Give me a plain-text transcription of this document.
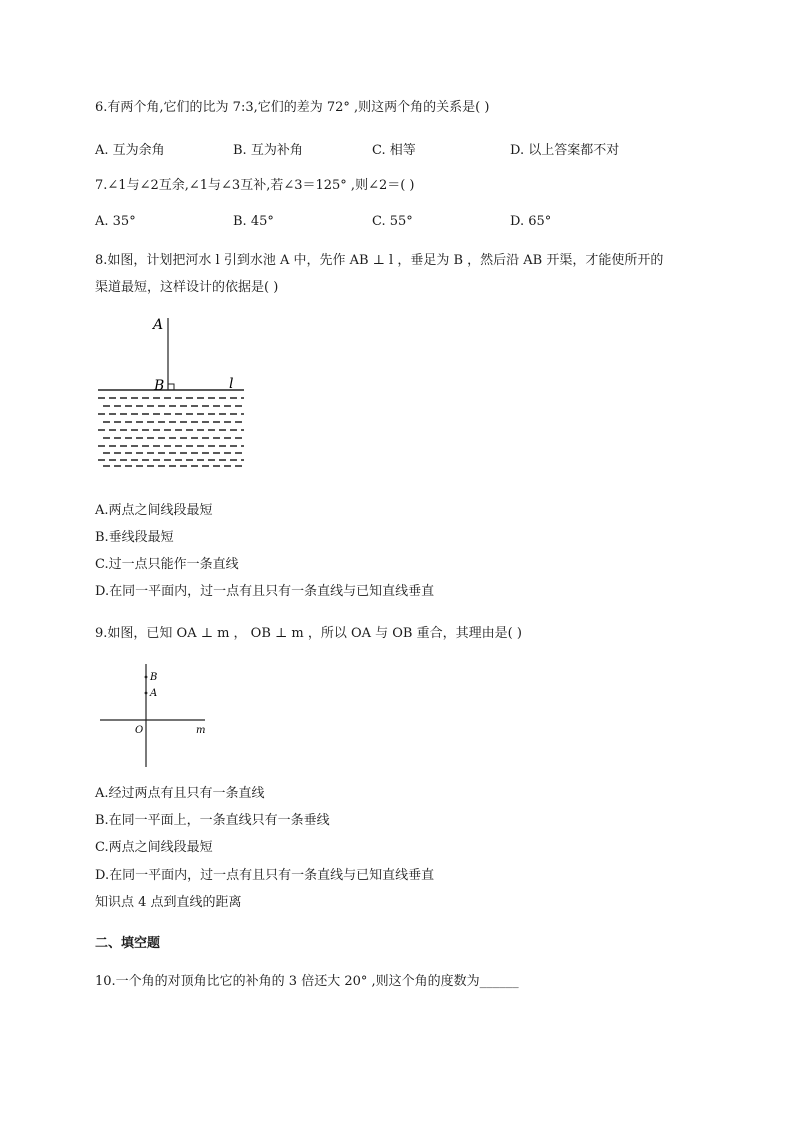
6.有两个角,它们的比为 7:3,它们的差为 72° ,则这两个角的关系是( )
A. 互为余角	B. 互为补角	C. 相等	D. 以上答案都不对
7.∠1与∠2互余,∠1与∠3互补,若∠3＝125° ,则∠2＝( )
A. 35°	B. 45°	C. 55°	D. 65°
8.如图，计划把河水 l 引到水池 A 中，先作 AB ⊥ l ，垂足为 B ，然后沿 AB 开渠，才能使所开的
渠道最短，这样设计的依据是( )
A
B	l
A.两点之间线段最短
B.垂线段最短
C.过一点只能作一条直线
D.在同一平面内，过一点有且只有一条直线与已知直线垂直
9.如图，已知 OA ⊥ m ， OB ⊥ m ，所以 OA 与 OB 重合，其理由是( )
B
A
O	m
A.经过两点有且只有一条直线
B.在同一平面上，一条直线只有一条垂线
C.两点之间线段最短
D.在同一平面内，过一点有且只有一条直线与已知直线垂直
知识点 4 点到直线的距离
二、填空题
10.一个角的对顶角比它的补角的 3 倍还大 20° ,则这个角的度数为______
